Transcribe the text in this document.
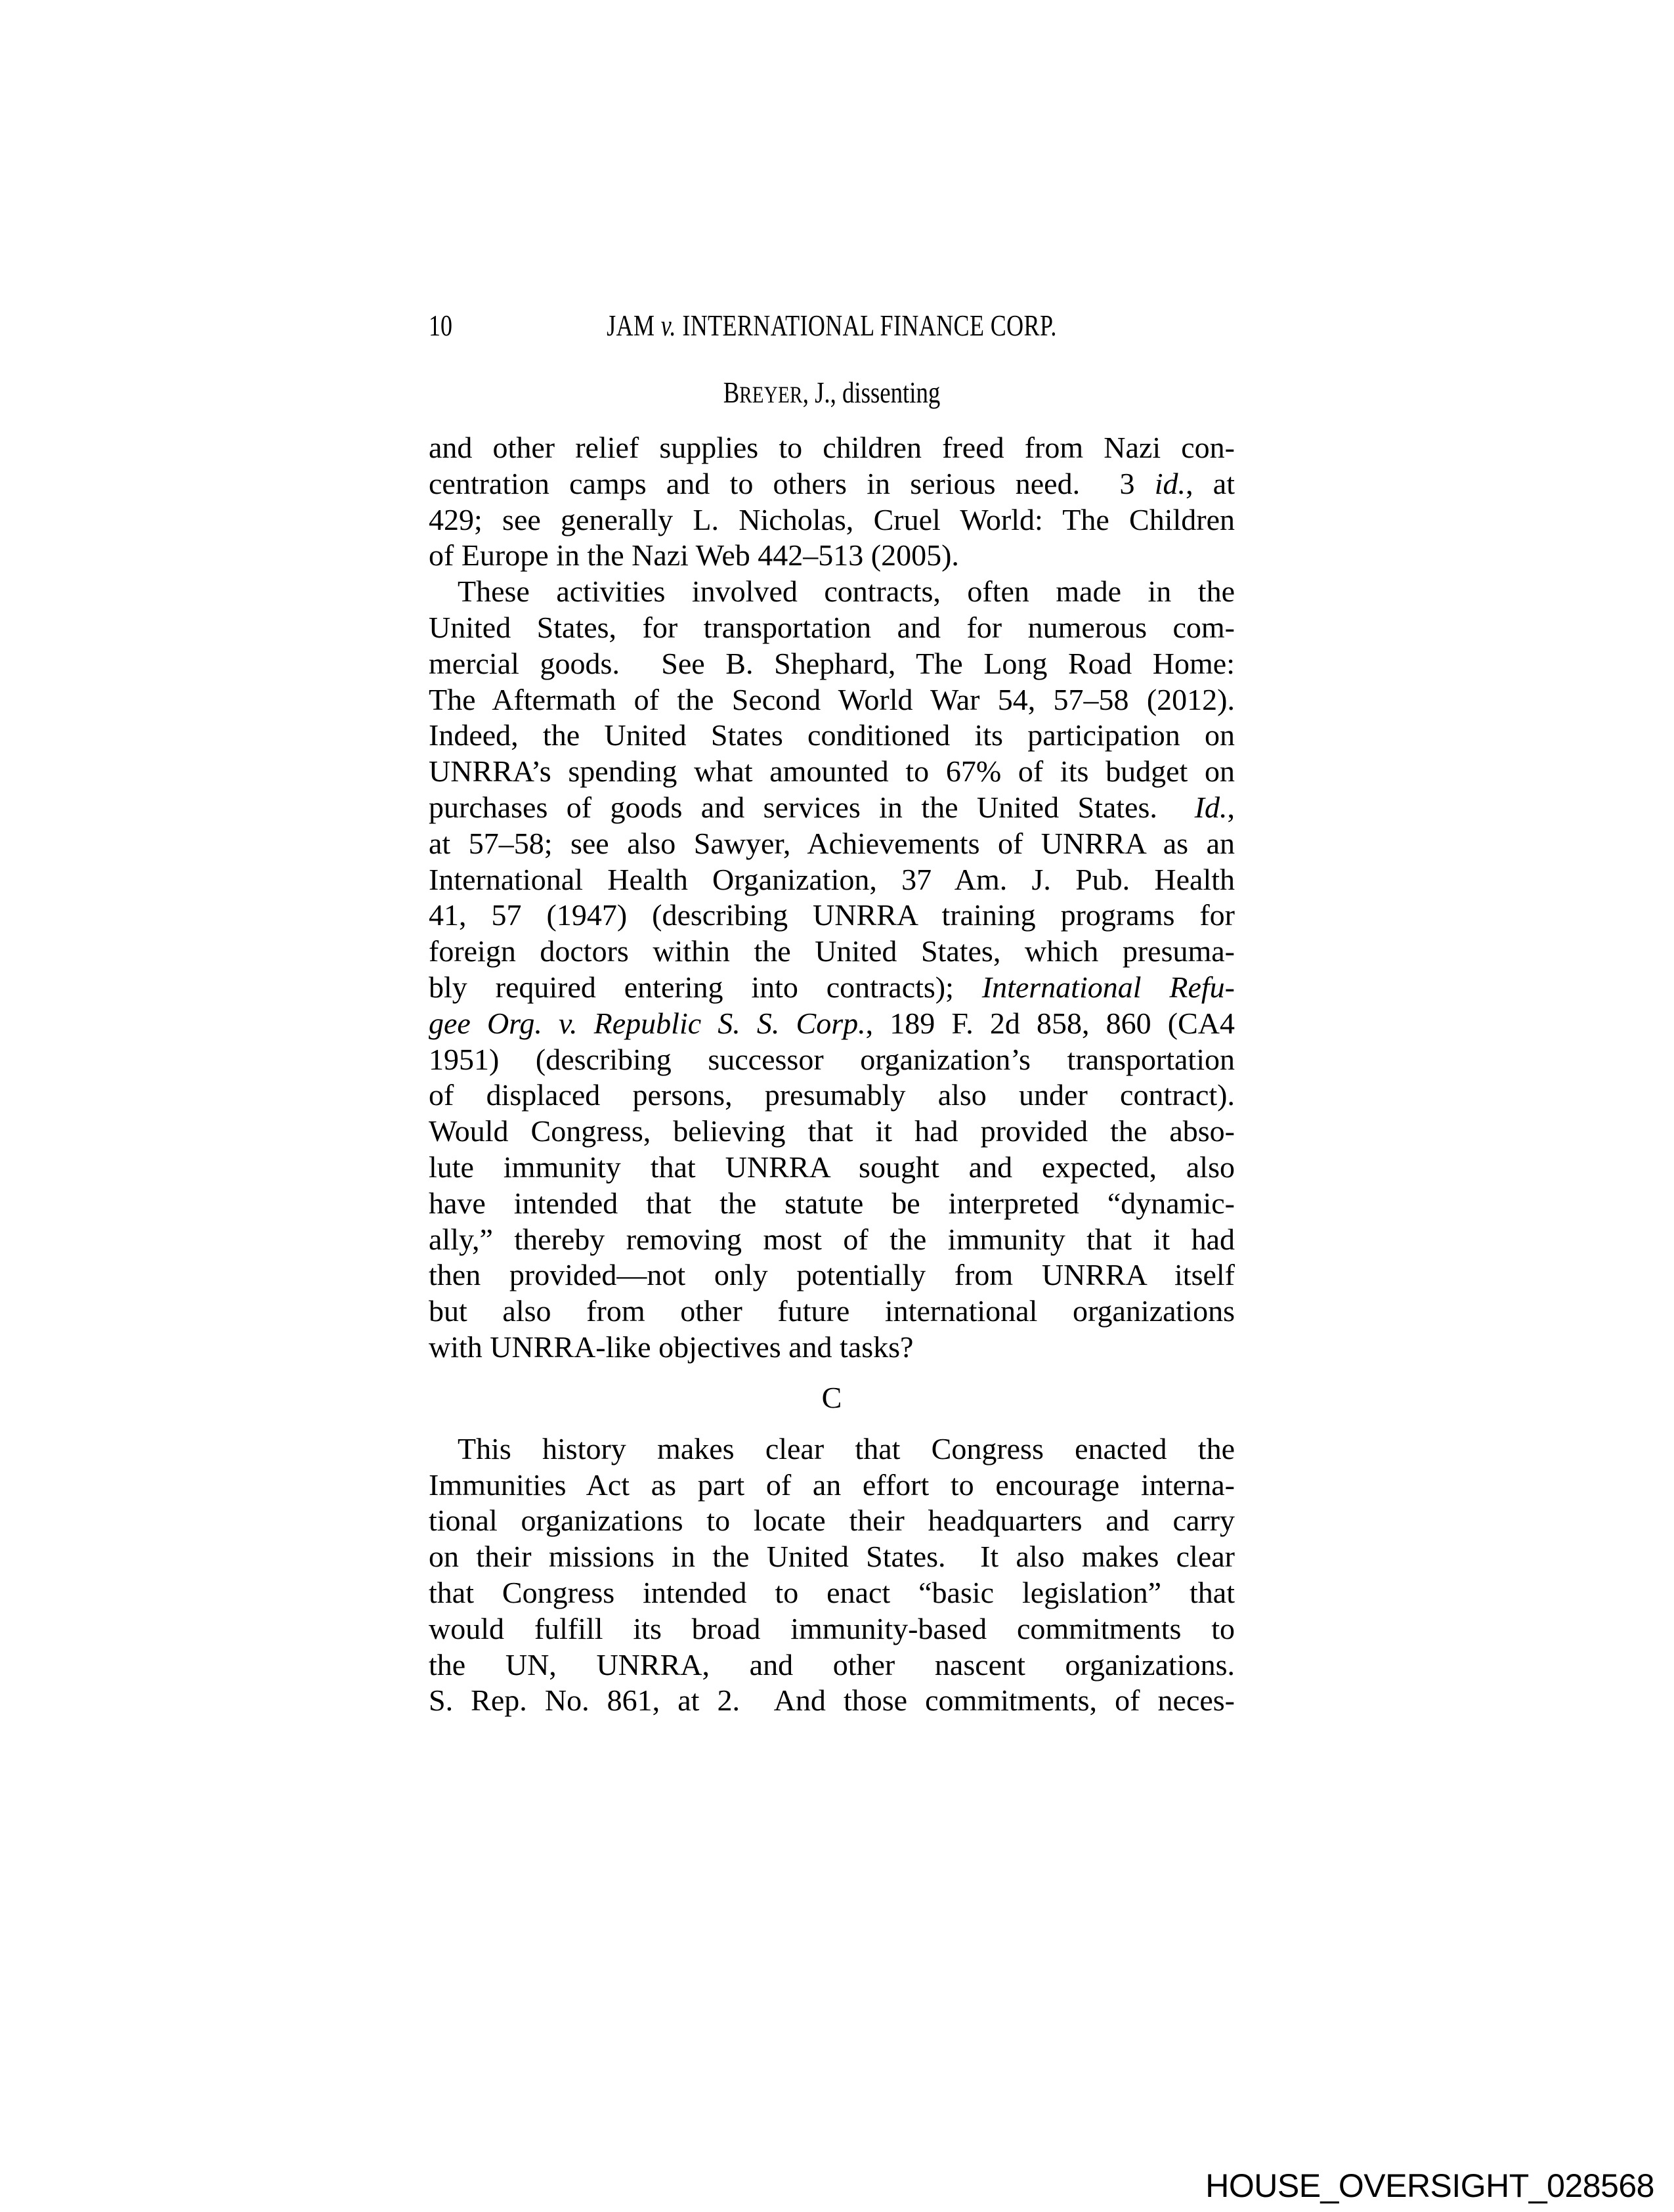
10

	JAM v. INTERNATIONAL FINANCE CORP.

BREYER, J., dissenting
and other relief supplies to children freed from Nazi con-
centration camps and to others in serious need.  3 id., at
429; see generally L. Nicholas, Cruel World: The Children
of Europe in the Nazi Web 442–513 (2005).
These activities involved contracts, often made in the
United States, for transportation and for numerous com-
mercial goods.  See B. Shephard, The Long Road Home:
The Aftermath of the Second World War 54, 57–58 (2012).
Indeed, the United States conditioned its participation on
UNRRA’s spending what amounted to 67% of its budget on
purchases of goods and services in the United States.  Id.,
at 57–58; see also Sawyer, Achievements of UNRRA as an
International Health Organization, 37 Am. J. Pub. Health
41, 57 (1947) (describing UNRRA training programs for
foreign doctors within the United States, which presuma-
bly required entering into contracts); International Refu-
gee Org. v. Republic S. S. Corp., 189 F. 2d 858, 860 (CA4
1951) (describing successor organization’s transportation
of displaced persons, presumably also under contract).
Would Congress, believing that it had provided the abso-
lute immunity that UNRRA sought and expected, also
have intended that the statute be interpreted “dynamic-
ally,” thereby removing most of the immunity that it had
then provided—not only potentially from UNRRA itself
but also from other future international organizations
with UNRRA-like objectives and tasks?
C
This history makes clear that Congress enacted the
Immunities Act as part of an effort to encourage interna-
tional organizations to locate their headquarters and carry
on their missions in the United States.  It also makes clear
that Congress intended to enact “basic legislation” that
would fulfill its broad immunity-based commitments to
the UN, UNRRA, and other nascent organizations.
S. Rep. No. 861, at 2.  And those commitments, of neces-
HOUSE_OVERSIGHT_028568
